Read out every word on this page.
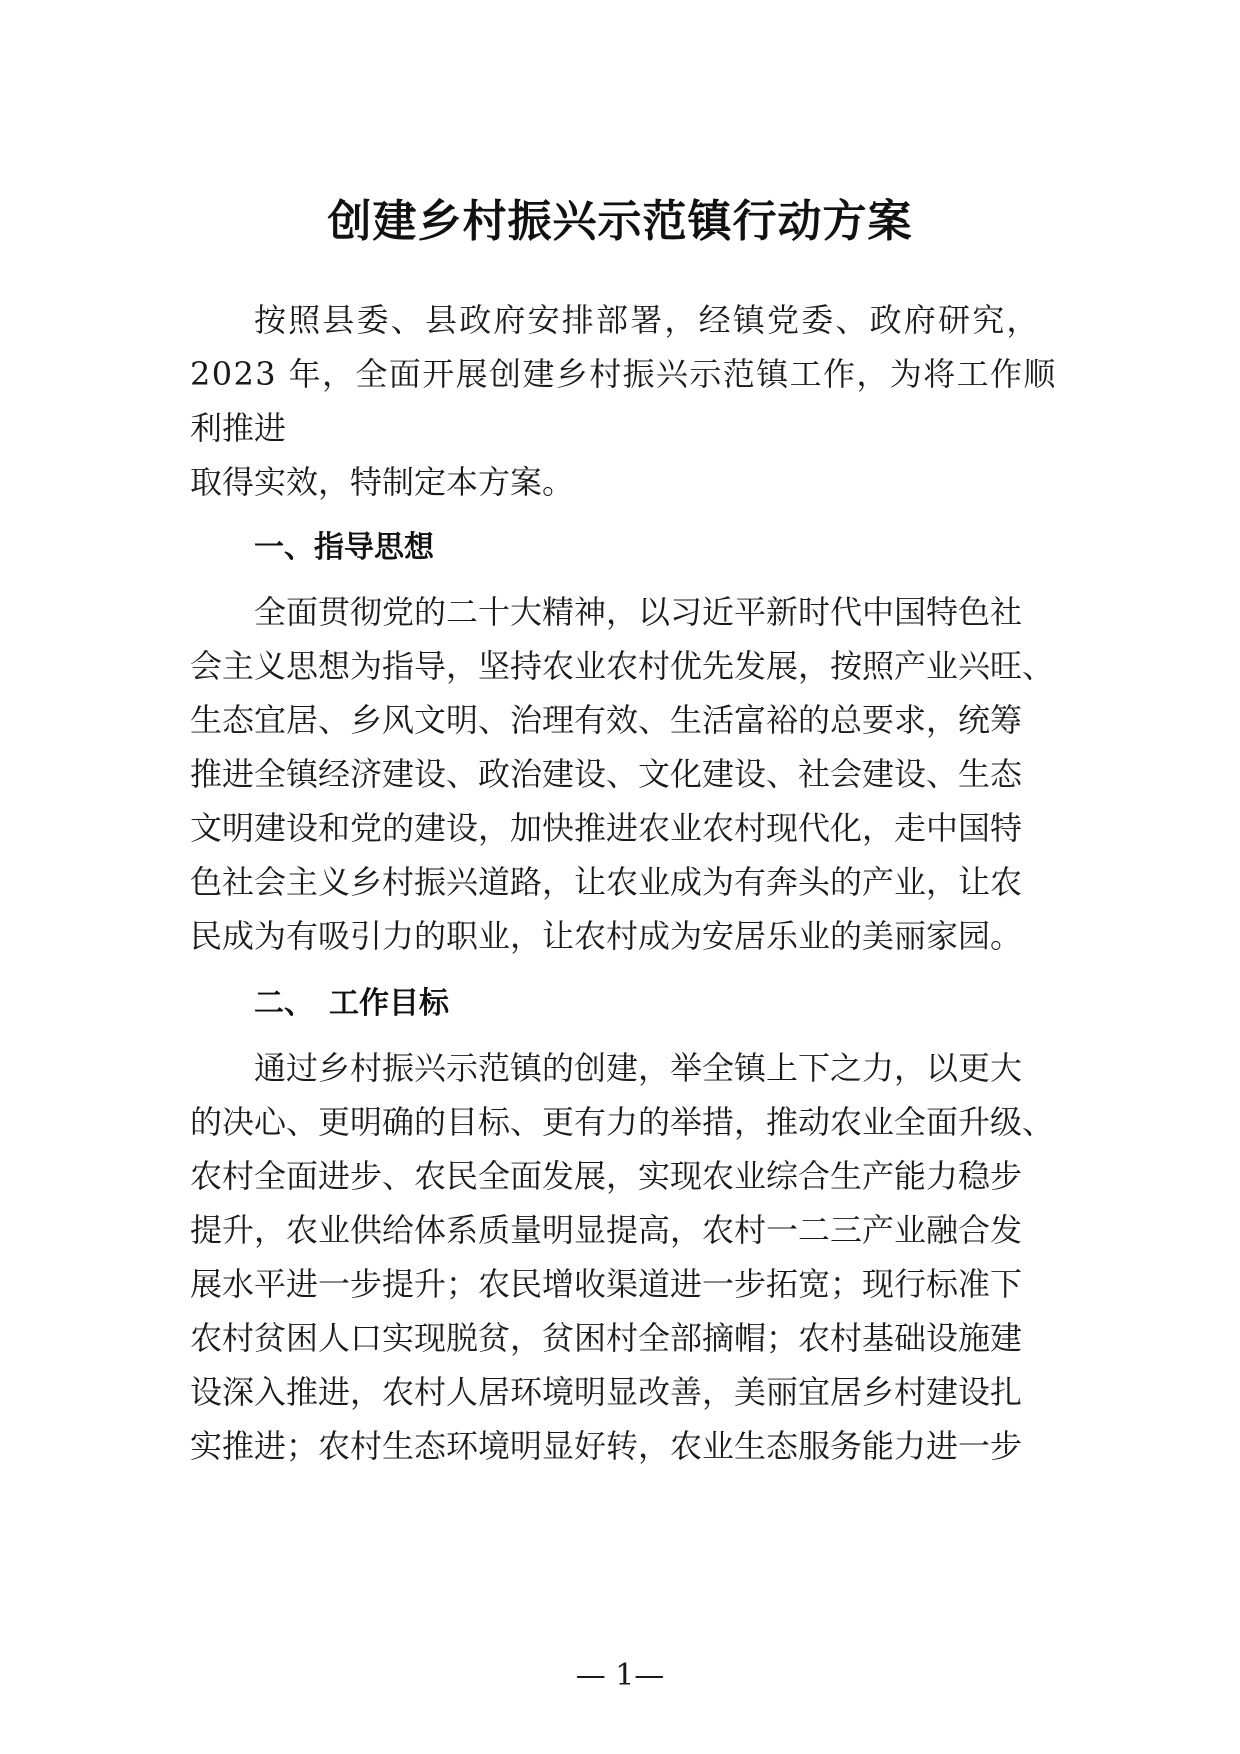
创建乡村振兴示范镇行动方案
按照县委、县政府安排部署，经镇党委、政府研究，
2023 年，全面开展创建乡村振兴示范镇工作，为将工作顺
利推进
取得实效，特制定本方案。
一、指导思想
全面贯彻党的二十大精神，以习近平新时代中国特色社
会主义思想为指导，坚持农业农村优先发展，按照产业兴旺、
生态宜居、乡风文明、治理有效、生活富裕的总要求，统筹
推进全镇经济建设、政治建设、文化建设、社会建设、生态
文明建设和党的建设，加快推进农业农村现代化，走中国特
色社会主义乡村振兴道路，让农业成为有奔头的产业，让农
民成为有吸引力的职业，让农村成为安居乐业的美丽家园。
二、　工作目标
通过乡村振兴示范镇的创建，举全镇上下之力，以更大
的决心、更明确的目标、更有力的举措，推动农业全面升级、
农村全面进步、农民全面发展，实现农业综合生产能力稳步
提升，农业供给体系质量明显提高，农村一二三产业融合发
展水平进一步提升；农民增收渠道进一步拓宽；现行标准下
农村贫困人口实现脱贫，贫困村全部摘帽；农村基础设施建
设深入推进，农村人居环境明显改善，美丽宜居乡村建设扎
实推进；农村生态环境明显好转，农业生态服务能力进一步
— 1—
